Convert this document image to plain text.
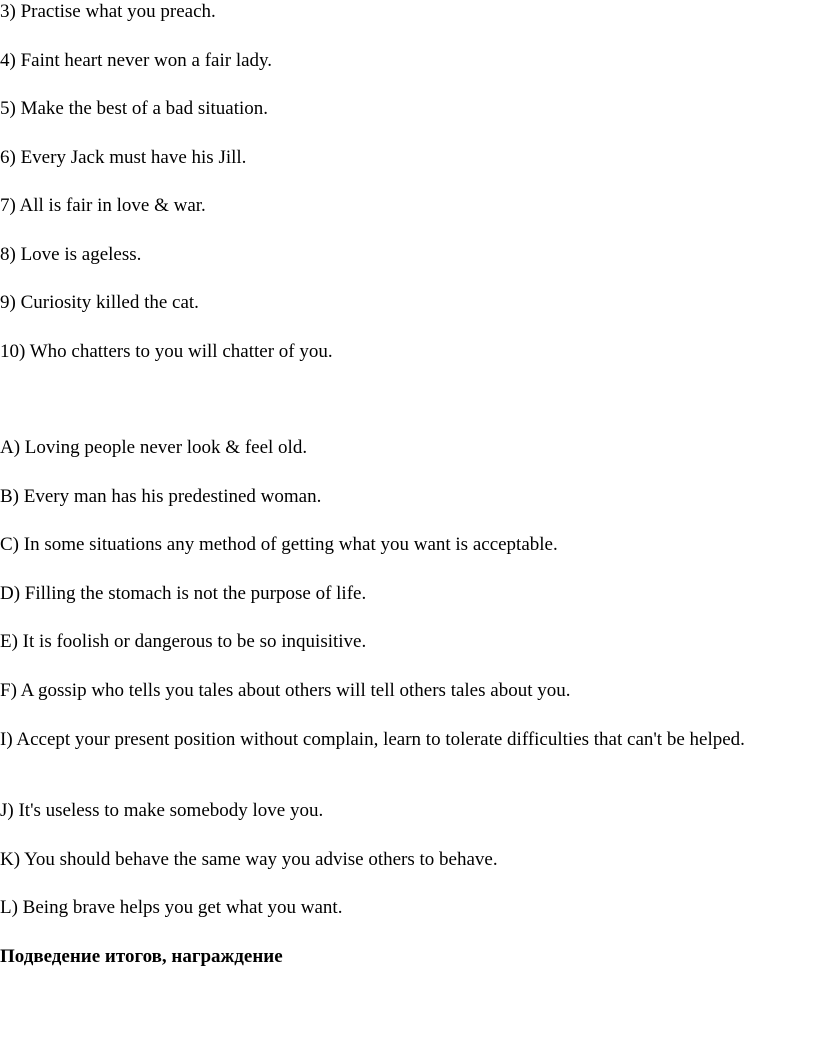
3) Practise what you preach.

4) Faint heart never won a fair lady.

5) Make the best of a bad situation.

6) Every Jack must have his Jill.

7) All is fair in love & war.

8) Love is ageless.

9) Curiosity killed the cat.

10) Who chatters to you will chatter of you.

A) Loving people never look & feel old.

B) Every man has his predestined woman.

C) In some situations any method of getting what you want is acceptable.

D) Filling the stomach is not the purpose of life.

E) It is foolish or dangerous to be so inquisitive.

F) A gossip who tells you tales about others will tell others tales about you.

I) Accept your present position without complain, learn to tolerate difficulties that can't be helped.

J) It's useless to make somebody love you.

K) You should behave the same way you advise others to behave.

L) Being brave helps you get what you want.

Подведение итогов, награждение
